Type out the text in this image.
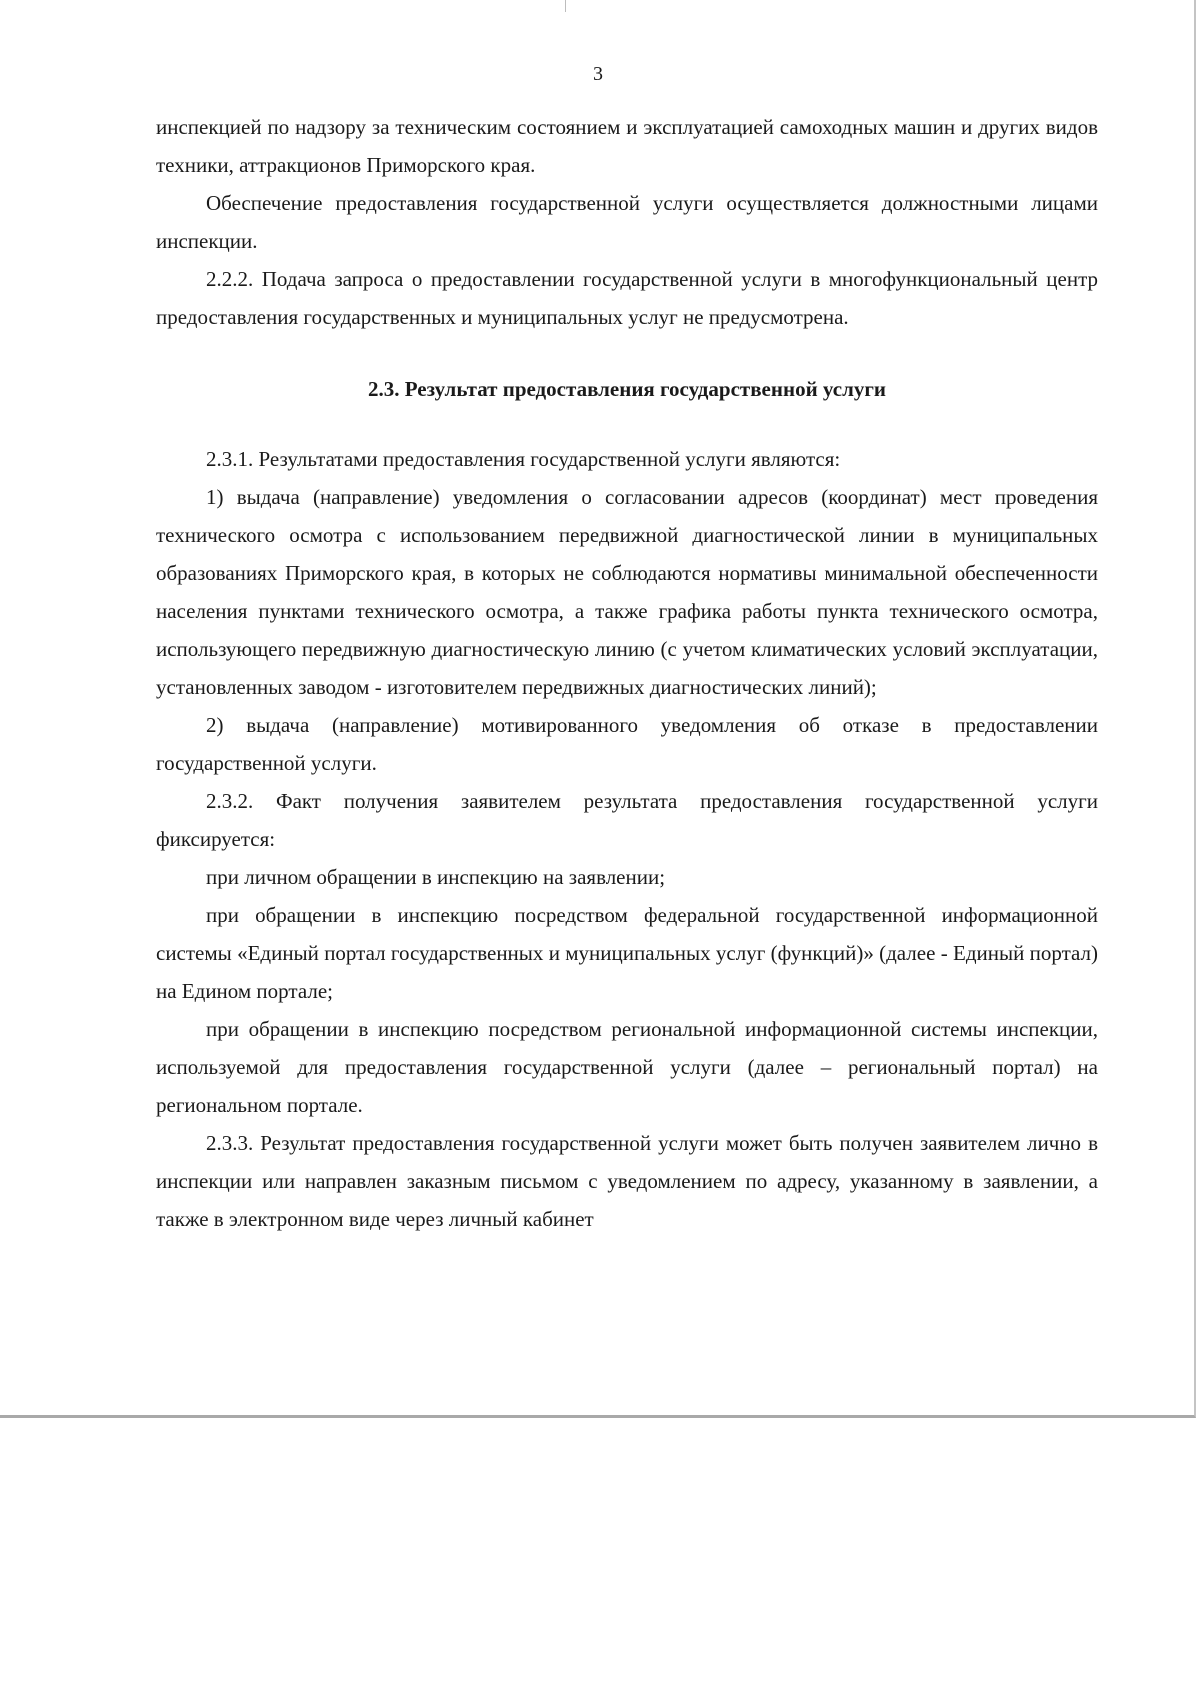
3

инспекцией по надзору за техническим состоянием и эксплуатацией самоходных машин и других видов техники, аттракционов Приморского края.

Обеспечение предоставления государственной услуги осуществляется должностными лицами инспекции.

2.2.2. Подача запроса о предоставлении государственной услуги в многофункциональный центр предоставления государственных и муниципальных услуг не предусмотрена.

2.3. Результат предоставления государственной услуги

2.3.1. Результатами предоставления государственной услуги являются:

1) выдача (направление) уведомления о согласовании адресов (координат) мест проведения технического осмотра с использованием передвижной диагностической линии в муниципальных образованиях Приморского края, в которых не соблюдаются нормативы минимальной обеспеченности населения пунктами технического осмотра, а также графика работы пункта технического осмотра, использующего передвижную диагностическую линию (с учетом климатических условий эксплуатации, установленных заводом - изготовителем передвижных диагностических линий);

2) выдача (направление) мотивированного уведомления об отказе в предоставлении государственной услуги.

2.3.2. Факт получения заявителем результата предоставления государственной услуги фиксируется:

при личном обращении в инспекцию на заявлении;

при обращении в инспекцию посредством федеральной государственной информационной системы «Единый портал государственных и муниципальных услуг (функций)» (далее - Единый портал) на Едином портале;

при обращении в инспекцию посредством региональной информационной системы инспекции, используемой для предоставления государственной услуги (далее – региональный портал) на региональном портале.

2.3.3. Результат предоставления государственной услуги может быть получен заявителем лично в инспекции или направлен заказным письмом с уведомлением по адресу, указанному в заявлении, а также в электронном виде через личный кабинет
